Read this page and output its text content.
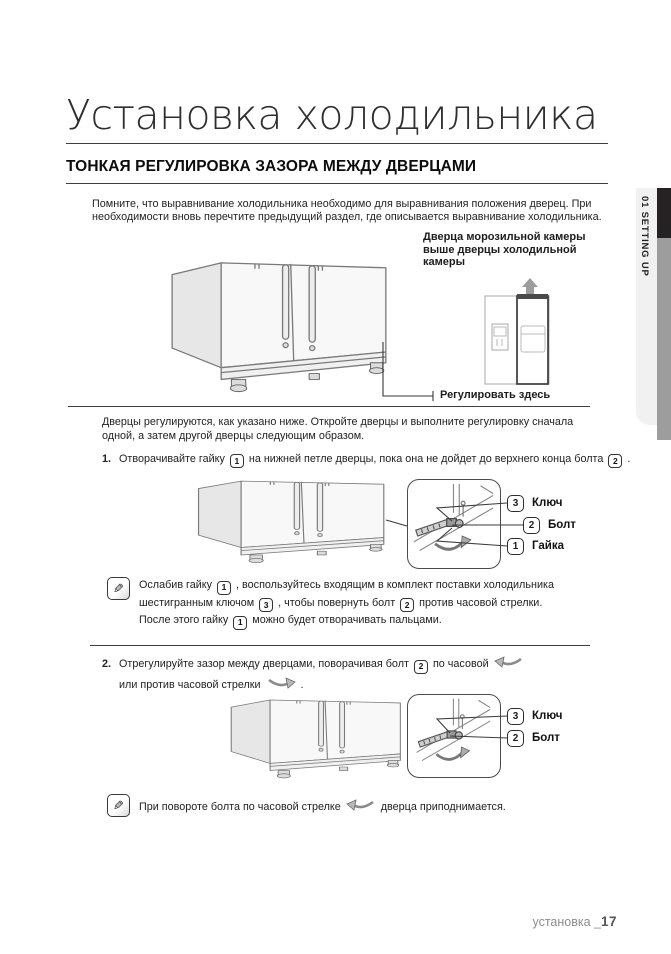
Установка холодильника
ТОНКАЯ РЕГУЛИРОВКА ЗАЗОРА МЕЖДУ ДВЕРЦАМИ

Помните, что выравнивание холодильника необходимо для выравнивания положения дверец. При необходимости вновь перечтите предыдущий раздел, где описывается выравнивание холодильника.

Дверца морозильной камеры выше дверцы холодильной камеры

Регулировать здесь

Дверцы регулируются, как указано ниже. Откройте дверцы и выполните регулировку сначала одной, а затем другой дверцы следующим образом.

1. Отворачивайте гайку 1 на нижней петле дверцы, пока она не дойдет до верхнего конца болта 2 .

3	Ключ
2	Болт
1	Гайка
✎ Ослабив гайку 1 , воспользуйтесь входящим в комплект поставки холодильника
шестигранным ключом 3 , чтобы повернуть болт 2 против часовой стрелки.
После этого гайку 1 можно будет отворачивать пальцами.

2. Отрегулируйте зазор между дверцами, поворачивая болт 2 по часовой
или против часовой стрелки	.

3	Ключ
2	Болт
✎ При повороте болта по часовой стрелке	дверца приподнимается.
установка _17
01 SETTING UP
